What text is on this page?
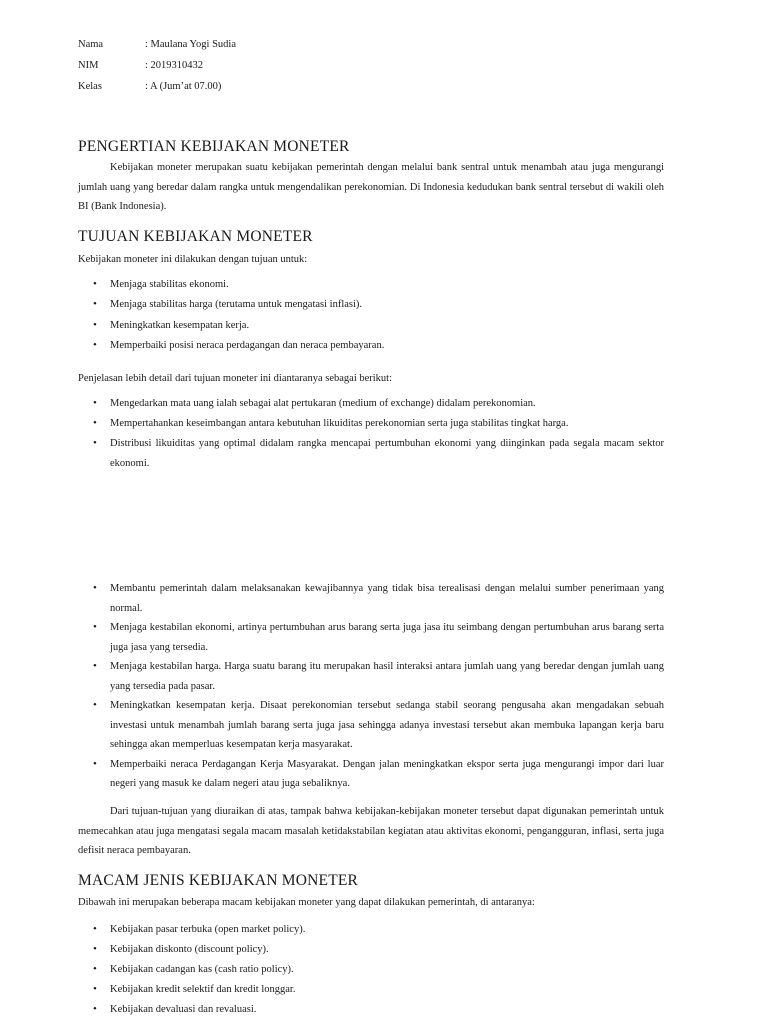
Nama	: Maulana Yogi Sudia
NIM	: 2019310432
Kelas	: A (Jum’at 07.00)
PENGERTIAN KEBIJAKAN MONETER

Kebijakan moneter merupakan suatu kebijakan pemerintah dengan melalui bank sentral untuk menambah atau juga mengurangi jumlah uang yang beredar dalam rangka untuk mengendalikan perekonomian. Di Indonesia kedudukan bank sentral tersebut di wakili oleh BI (Bank Indonesia).

TUJUAN KEBIJAKAN MONETER

Kebijakan moneter ini dilakukan dengan tujuan untuk:

• Menjaga stabilitas ekonomi.
• Menjaga stabilitas harga (terutama untuk mengatasi inflasi).
• Meningkatkan kesempatan kerja.
• Memperbaiki posisi neraca perdagangan dan neraca pembayaran.

Penjelasan lebih detail dari tujuan moneter ini diantaranya sebagai berikut:

• Mengedarkan mata uang ialah sebagai alat pertukaran (medium of exchange) didalam perekonomian.
• Mempertahankan keseimbangan antara kebutuhan likuiditas perekonomian serta juga stabilitas tingkat harga.
• Distribusi likuiditas yang optimal didalam rangka mencapai pertumbuhan ekonomi yang diinginkan pada segala macam sektor ekonomi.
• Membantu pemerintah dalam melaksanakan kewajibannya yang tidak bisa terealisasi dengan melalui sumber penerimaan yang normal.
• Menjaga kestabilan ekonomi, artinya pertumbuhan arus barang serta juga jasa itu seimbang dengan pertumbuhan arus barang serta juga jasa yang tersedia.
• Menjaga kestabilan harga. Harga suatu barang itu merupakan hasil interaksi antara jumlah uang yang beredar dengan jumlah uang yang tersedia pada pasar.
• Meningkatkan kesempatan kerja. Disaat perekonomian tersebut sedanga stabil seorang pengusaha akan mengadakan sebuah investasi untuk menambah jumlah barang serta juga jasa sehingga adanya investasi tersebut akan membuka lapangan kerja baru sehingga akan memperluas kesempatan kerja masyarakat.
• Memperbaiki neraca Perdagangan Kerja Masyarakat. Dengan jalan meningkatkan ekspor serta juga mengurangi impor dari luar negeri yang masuk ke dalam negeri atau juga sebaliknya.

Dari tujuan-tujuan yang diuraikan di atas, tampak bahwa kebijakan-kebijakan moneter tersebut dapat digunakan pemerintah untuk memecahkan atau juga mengatasi segala macam masalah ketidakstabilan kegiatan atau aktivitas ekonomi, pengangguran, inflasi, serta juga defisit neraca pembayaran.

MACAM JENIS KEBIJAKAN MONETER

Dibawah ini merupakan beberapa macam kebijakan moneter yang dapat dilakukan pemerintah, di antaranya:

• Kebijakan pasar terbuka (open market policy).
• Kebijakan diskonto (discount policy).
• Kebijakan cadangan kas (cash ratio policy).
• Kebijakan kredit selektif dan kredit longgar.
• Kebijakan devaluasi dan revaluasi.
